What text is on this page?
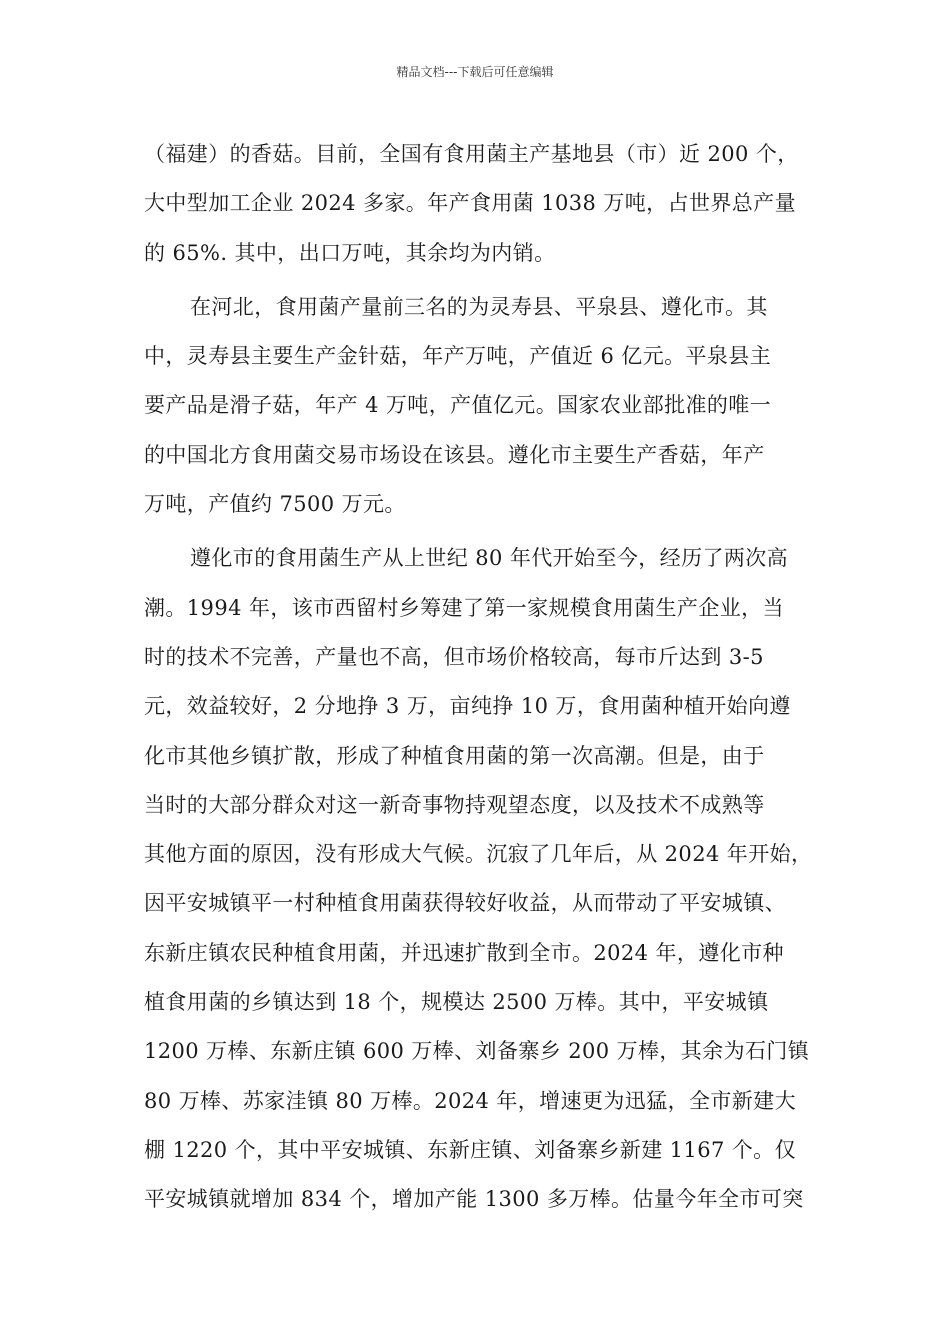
精品文档---下载后可任意编辑
（福建）的香菇。目前，全国有食用菌主产基地县（市）近 200 个，
大中型加工企业 2024 多家。年产食用菌 1038 万吨，占世界总产量
的 65%. 其中，出口万吨，其余均为内销。
在河北，食用菌产量前三名的为灵寿县、平泉县、遵化市。其
中，灵寿县主要生产金针菇，年产万吨，产值近 6 亿元。平泉县主
要产品是滑子菇，年产 4 万吨，产值亿元。国家农业部批准的唯一
的中国北方食用菌交易市场设在该县。遵化市主要生产香菇，年产
万吨，产值约 7500 万元。
遵化市的食用菌生产从上世纪 80 年代开始至今，经历了两次高
潮。1994 年，该市西留村乡筹建了第一家规模食用菌生产企业，当
时的技术不完善，产量也不高，但市场价格较高，每市斤达到 3-5
元，效益较好，2 分地挣 3 万，亩纯挣 10 万，食用菌种植开始向遵
化市其他乡镇扩散，形成了种植食用菌的第一次高潮。但是，由于
当时的大部分群众对这一新奇事物持观望态度，以及技术不成熟等
其他方面的原因，没有形成大气候。沉寂了几年后，从 2024 年开始，
因平安城镇平一村种植食用菌获得较好收益，从而带动了平安城镇、
东新庄镇农民种植食用菌，并迅速扩散到全市。2024 年，遵化市种
植食用菌的乡镇达到 18 个，规模达 2500 万棒。其中，平安城镇
1200 万棒、东新庄镇 600 万棒、刘备寨乡 200 万棒，其余为石门镇
80 万棒、苏家洼镇 80 万棒。2024 年，增速更为迅猛，全市新建大
棚 1220 个，其中平安城镇、东新庄镇、刘备寨乡新建 1167 个。仅
平安城镇就增加 834 个，增加产能 1300 多万棒。估量今年全市可突
